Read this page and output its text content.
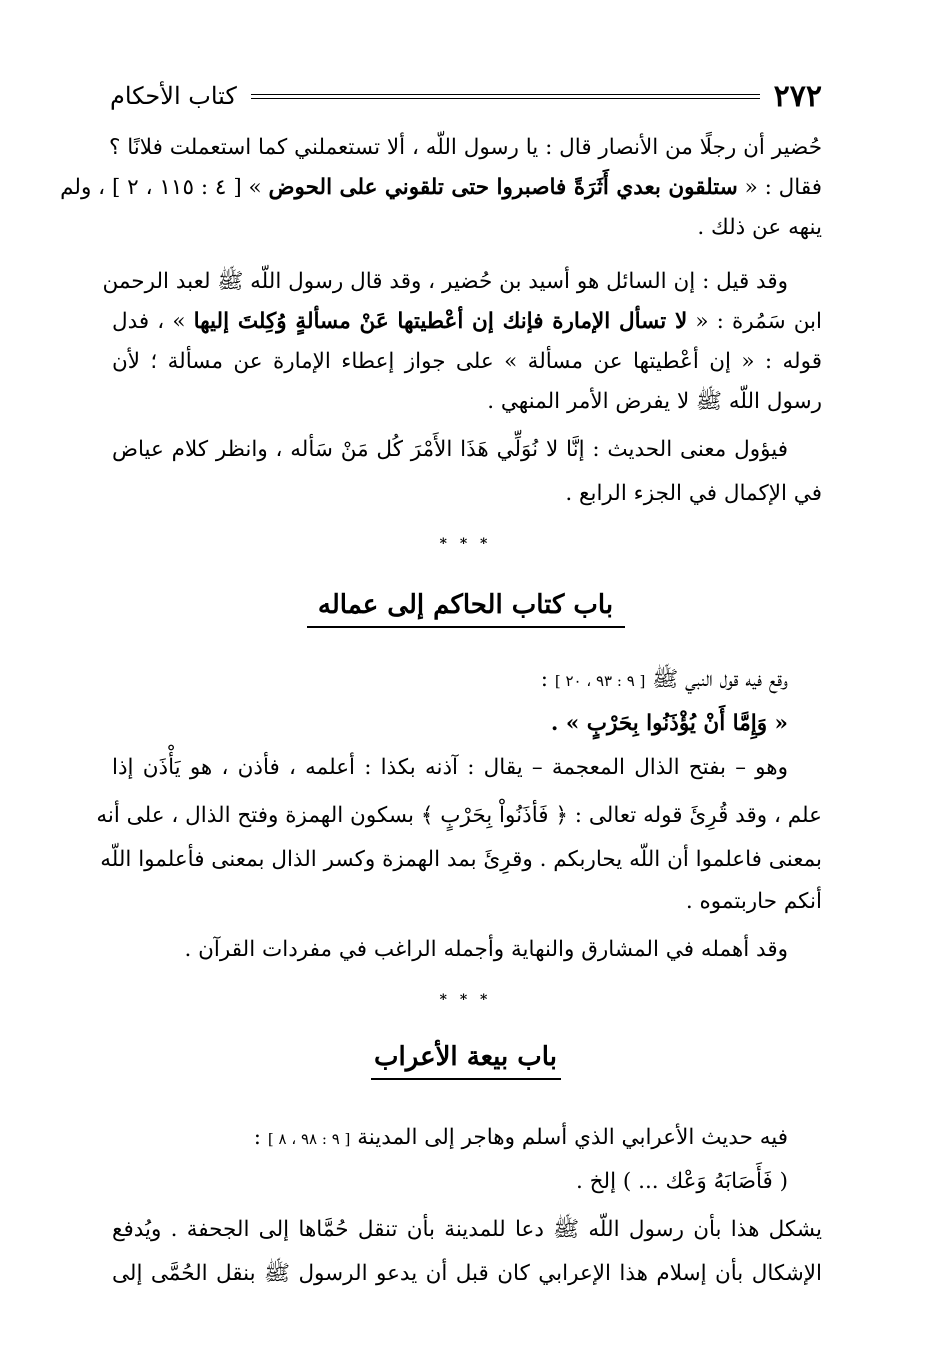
٢٧٢
كتاب الأحكام
حُضير أن رجلًا من الأنصار قال : يا رسول اللّه ، ألا تستعملني كما استعملت فلانًا ؟
فقال : « ستلقون بعدي أَثَرَةً فاصبروا حتى تلقوني على الحوض » [ ٤ : ١١٥ ، ٢ ] ، ولم
ينهه عن ذلك .
وقد قيل : إن السائل هو أسيد بن حُضير ، وقد قال رسول اللّه ﷺ لعبد الرحمن
ابن سَمُرة : « لا تسأل الإمارة فإنك إن أعْطيتها عَنْ مسألةٍ وُكِلتَ إليها » ، فدل
قوله : « إن أعْطيتها عن مسألة » على جواز إعطاء الإمارة عن مسألة ؛ لأن
رسول اللّه ﷺ لا يفرض الأمر المنهي .
فيؤول معنى الحديث : إنَّا لا نُوَلِّي هَذَا الأَمْرَ كُل مَنْ سَأله ، وانظر كلام عياض
في الإكمال في الجزء الرابع .
* * *
باب كتاب الحاكم إلى عماله
وقع فيه قول النبي ﷺ [ ٩ : ٩٣ ، ٢٠ ] :
« وَإِمَّا أَنْ يُؤْذَنُوا بِحَرْبٍ » .
وهو – بفتح الذال المعجمة – يقال : آذنه بكذا : أعلمه ، فأذن ، هو يَأْذَن إذا
علم ، وقد قُرِئَ قوله تعالى : ﴿ فَأذَنُواْ بِحَرْبٍ ﴾ بسكون الهمزة وفتح الذال ، على أنه
بمعنى فاعلموا أن اللّه يحاربكم . وقرِئَ بمد الهمزة وكسر الذال بمعنى فأعلموا اللّه
أنكم حاربتموه .
وقد أهمله في المشارق والنهاية وأجمله الراغب في مفردات القرآن .
* * *
باب بيعة الأعراب
فيه حديث الأعرابي الذي أسلم وهاجر إلى المدينة [ ٩ : ٩٨ ، ٨ ] :
( فَأَصَابَهُ وَعْك ... ) إلخ .
يشكل هذا بأن رسول اللّه ﷺ دعا للمدينة بأن تنقل حُمَّاها إلى الجحفة . ويُدفع
الإشكال بأن إسلام هذا الإعرابي كان قبل أن يدعو الرسول ﷺ بنقل الحُمَّى إلى
